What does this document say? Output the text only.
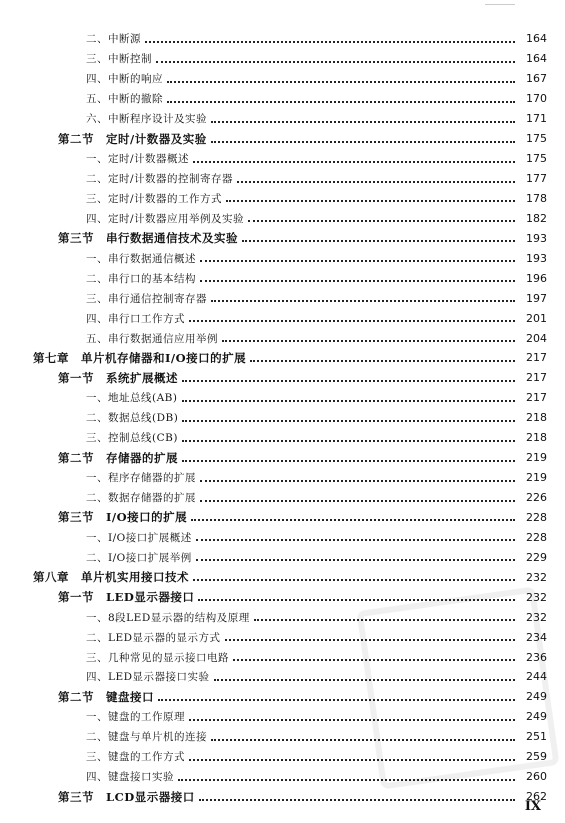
二、中断源	164
三、中断控制	164
四、中断的响应	167
五、中断的撤除	170
六、中断程序设计及实验	171
第二节　定时/计数器及实验	175
一、定时/计数器概述	175
二、定时/计数器的控制寄存器	177
三、定时/计数器的工作方式	178
四、定时/计数器应用举例及实验	182
第三节　串行数据通信技术及实验	193
一、串行数据通信概述	193
二、串行口的基本结构	196
三、串行通信控制寄存器	197
四、串行口工作方式	201
五、串行数据通信应用举例	204
第七章　单片机存储器和I/O接口的扩展	217
第一节　系统扩展概述	217
一、地址总线(AB)	217
二、数据总线(DB)	218
三、控制总线(CB)	218
第二节　存储器的扩展	219
一、程序存储器的扩展	219
二、数据存储器的扩展	226
第三节　I/O接口的扩展	228
一、I/O接口扩展概述	228
二、I/O接口扩展举例	229
第八章　单片机实用接口技术	232
第一节　LED显示器接口	232
一、8段LED显示器的结构及原理	232
二、LED显示器的显示方式	234
三、几种常见的显示接口电路	236
四、LED显示器接口实验	244
第二节　键盘接口	249
一、键盘的工作原理	249
二、键盘与单片机的连接	251
三、键盘的工作方式	259
四、键盘接口实验	260
第三节　LCD显示器接口	262
IX
